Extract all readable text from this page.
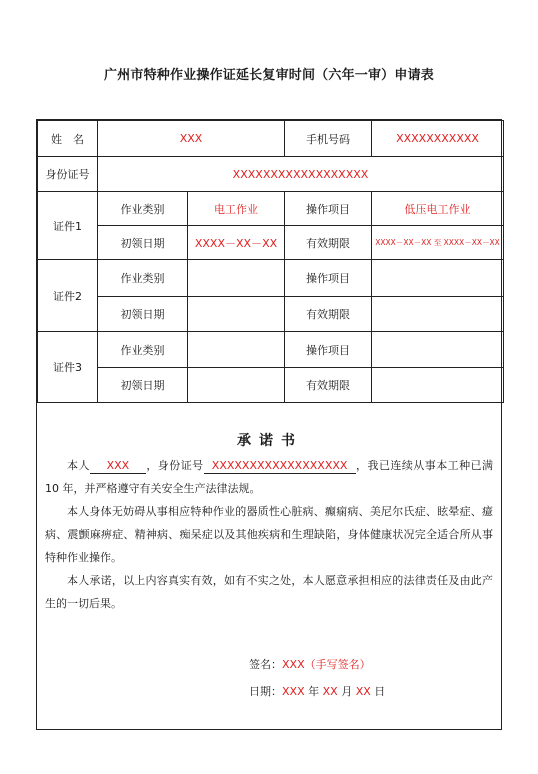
广州市特种作业操作证延长复审时间（六年一审）申请表
姓　名	XXX		手机号码	XXXXXXXXXXX
身份证号	XXXXXXXXXXXXXXXXXX			
证件1	作业类别	电工作业	操作项目	低压电工作业
	初领日期	XXXX－XX－XX	有效期限	XXXX－XX－XX 至 XXXX－XX－XX
证件2	作业类别		操作项目	
	初领日期		有效期限	
证件3	作业类别		操作项目	
	初领日期		有效期限	
承诺书

本人 XXX ，身份证号 XXXXXXXXXXXXXXXXXX ，我已连续从事本工种已满 10 年，并严格遵守有关安全生产法律法规。

本人身体无妨碍从事相应特种作业的器质性心脏病、癫痫病、美尼尔氏症、眩晕症、癔病、震颤麻痹症、精神病、痴呆症以及其他疾病和生理缺陷，身体健康状况完全适合所从事特种作业操作。

本人承诺，以上内容真实有效，如有不实之处，本人愿意承担相应的法律责任及由此产生的一切后果。

签名：XXX（手写签名）
日期：XXX 年 XX 月 XX 日
